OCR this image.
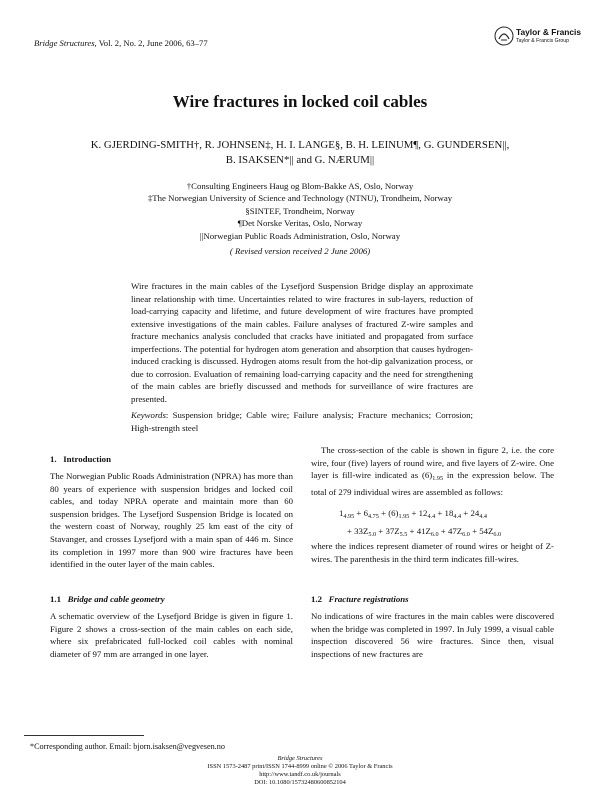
Bridge Structures, Vol. 2, No. 2, June 2006, 63–77
Taylor & Francis
Taylor & Francis Group
Wire fractures in locked coil cables
K. GJERDING-SMITH†, R. JOHNSEN‡, H. I. LANGE§, B. H. LEINUM¶, G. GUNDERSEN||,
B. ISAKSEN*|| and G. NÆRUM||
†Consulting Engineers Haug og Blom-Bakke AS, Oslo, Norway
‡The Norwegian University of Science and Technology (NTNU), Trondheim, Norway
§SINTEF, Trondheim, Norway
¶Det Norske Veritas, Oslo, Norway
||Norwegian Public Roads Administration, Oslo, Norway
( Revised version received 2 June 2006)
Wire fractures in the main cables of the Lysefjord Suspension Bridge display an approximate linear relationship with time. Uncertainties related to wire fractures in sub-layers, reduction of load-carrying capacity and lifetime, and future development of wire fractures have prompted extensive investigations of the main cables. Failure analyses of fractured Z-wire samples and fracture mechanics analysis concluded that cracks have initiated and propagated from surface imperfections. The potential for hydrogen atom generation and absorption that causes hydrogen-induced cracking is discussed. Hydrogen atoms result from the hot-dip galvanization process, or due to corrosion. Evaluation of remaining load-carrying capacity and the need for strengthening of the main cables are briefly discussed and methods for surveillance of wire fractures are presented.
Keywords: Suspension bridge; Cable wire; Failure analysis; Fracture mechanics; Corrosion; High-strength steel
1. Introduction
The Norwegian Public Roads Administration (NPRA) has more than 80 years of experience with suspension bridges and locked coil cables, and today NPRA operate and maintain more than 60 suspension bridges. The Lysefjord Suspension Bridge is located on the western coast of Norway, roughly 25 km east of the city of Stavanger, and crosses Lysefjord with a main span of 446 m. Since its completion in 1997 more than 900 wire fractures have been identified in the outer layer of the main cables.
1.1 Bridge and cable geometry
A schematic overview of the Lysefjord Bridge is given in figure 1. Figure 2 shows a cross-section of the main cables on each side, where six prefabricated full-locked coil cables with nominal diameter of 97 mm are arranged in one layer.
The cross-section of the cable is shown in figure 2, i.e. the core wire, four (five) layers of round wire, and five layers of Z-wire. One layer is fill-wire indicated as $(6)_{1.95}$ in the expression below. The total of 279 individual wires are assembled as follows:
$1_{4.95} + 6_{4.75} + (6)_{1.95} + 12_{4.4} + 18_{4.4} + 24_{4.4}$
+ $33Z_{5.0} + 37Z_{5.5} + 41Z_{6.0} + 47Z_{6.0} + 54Z_{6.0}$
where the indices represent diameter of round wires or height of Z-wires. The parenthesis in the third term indicates fill-wires.
1.2 Fracture registrations
No indications of wire fractures in the main cables were discovered when the bridge was completed in 1997. In July 1999, a visual cable inspection discovered 56 wire fractures. Since then, visual inspections of new fractures are
*Corresponding author. Email: bjorn.isaksen@vegvesen.no
Bridge Structures
ISSN 1573-2487 print/ISSN 1744-8999 online © 2006 Taylor & Francis
http://www.tandf.co.uk/journals
DOI: 10.1080/15732480600852104
